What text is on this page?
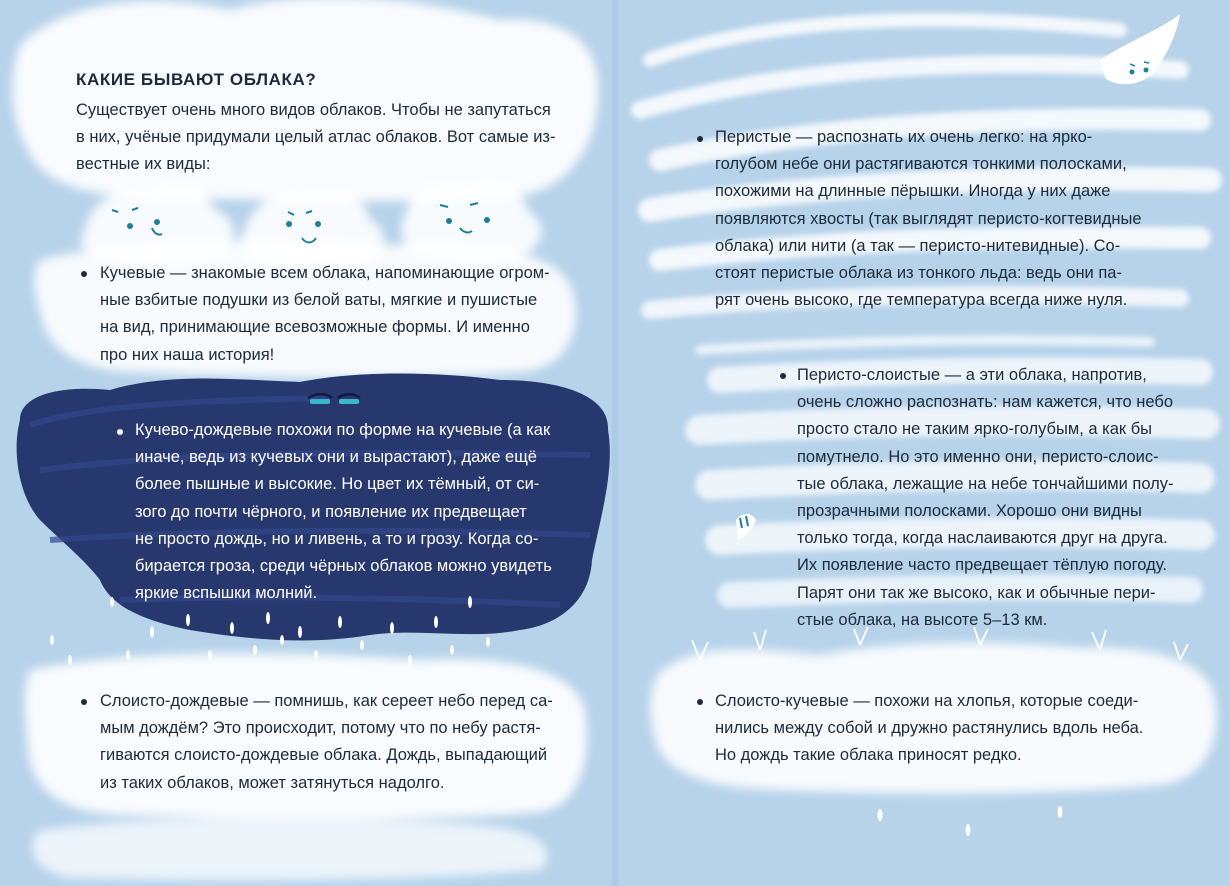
КАКИЕ БЫВАЮТ ОБЛАКА?
Существует очень много видов облаков. Чтобы не запутаться
в них, учёные придумали целый атлас облаков. Вот самые из-
вестные их виды:
Кучевые — знакомые всем облака, напоминающие огром-
ные взбитые подушки из белой ваты, мягкие и пушистые
на вид, принимающие всевозможные формы. И именно
про них наша история!
Кучево-дождевые похожи по форме на кучевые (а как
иначе, ведь из кучевых они и вырастают), даже ещё
более пышные и высокие. Но цвет их тёмный, от си-
зого до почти чёрного, и появление их предвещает
не просто дождь, но и ливень, а то и грозу. Когда со-
бирается гроза, среди чёрных облаков можно увидеть
яркие вспышки молний.
Слоисто-дождевые — помнишь, как сереет небо перед са-
мым дождём? Это происходит, потому что по небу растя-
гиваются слоисто-дождевые облака. Дождь, выпадающий
из таких облаков, может затянуться надолго.
Перистые — распознать их очень легко: на ярко-
голубом небе они растягиваются тонкими полосками,
похожими на длинные пёрышки. Иногда у них даже
появляются хвосты (так выглядят перисто-когтевидные
облака) или нити (а так — перисто-нитевидные). Со-
стоят перистые облака из тонкого льда: ведь они па-
рят очень высоко, где температура всегда ниже нуля.
Перисто-слоистые — а эти облака, напротив,
очень сложно распознать: нам кажется, что небо
просто стало не таким ярко-голубым, а как бы
помутнело. Но это именно они, перисто-слоис-
тые облака, лежащие на небе тончайшими полу-
прозрачными полосками. Хорошо они видны
только тогда, когда наслаиваются друг на друга.
Их появление часто предвещает тёплую погоду.
Парят они так же высоко, как и обычные пери-
стые облака, на высоте 5–13 км.
Слоисто-кучевые — похожи на хлопья, которые соеди-
нились между собой и дружно растянулись вдоль неба.
Но дождь такие облака приносят редко.
